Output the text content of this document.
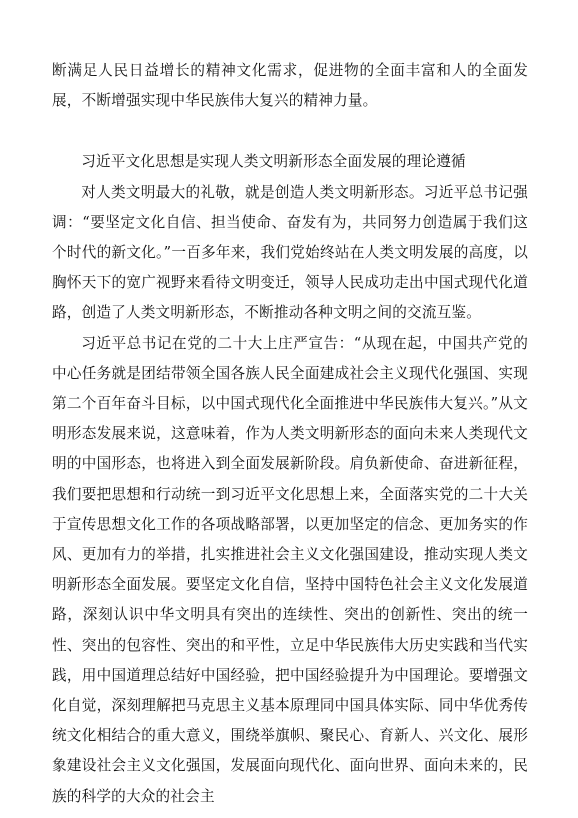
断满足人民日益增长的精神文化需求，促进物的全面丰富和人的全面发展，不断增强实现中华民族伟大复兴的精神力量。

习近平文化思想是实现人类文明新形态全面发展的理论遵循

对人类文明最大的礼敬，就是创造人类文明新形态。习近平总书记强调：“要坚定文化自信、担当使命、奋发有为，共同努力创造属于我们这个时代的新文化。”一百多年来，我们党始终站在人类文明发展的高度，以胸怀天下的宽广视野来看待文明变迁，领导人民成功走出中国式现代化道路，创造了人类文明新形态，不断推动各种文明之间的交流互鉴。

习近平总书记在党的二十大上庄严宣告：“从现在起，中国共产党的中心任务就是团结带领全国各族人民全面建成社会主义现代化强国、实现第二个百年奋斗目标，以中国式现代化全面推进中华民族伟大复兴。”从文明形态发展来说，这意味着，作为人类文明新形态的面向未来人类现代文明的中国形态，也将进入到全面发展新阶段。肩负新使命、奋进新征程，我们要把思想和行动统一到习近平文化思想上来，全面落实党的二十大关于宣传思想文化工作的各项战略部署，以更加坚定的信念、更加务实的作风、更加有力的举措，扎实推进社会主义文化强国建设，推动实现人类文明新形态全面发展。要坚定文化自信，坚持中国特色社会主义文化发展道路，深刻认识中华文明具有突出的连续性、突出的创新性、突出的统一性、突出的包容性、突出的和平性，立足中华民族伟大历史实践和当代实践，用中国道理总结好中国经验，把中国经验提升为中国理论。要增强文化自觉，深刻理解把马克思主义基本原理同中国具体实际、同中华优秀传统文化相结合的重大意义，围绕举旗帜、聚民心、育新人、兴文化、展形象建设社会主义文化强国，发展面向现代化、面向世界、面向未来的，民族的科学的大众的社会主
